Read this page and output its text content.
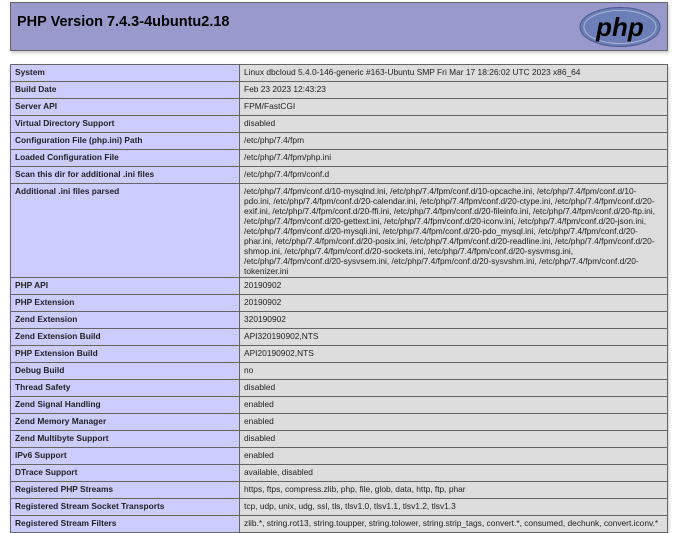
PHP Version 7.4.3-4ubuntu2.18	php
System	Linux dbcloud 5.4.0-146-generic #163-Ubuntu SMP Fri Mar 17 18:26:02 UTC 2023 x86_64
Build Date	Feb 23 2023 12:43:23
Server API	FPM/FastCGI
Virtual Directory Support	disabled
Configuration File (php.ini) Path	/etc/php/7.4/fpm
Loaded Configuration File	/etc/php/7.4/fpm/php.ini
Scan this dir for additional .ini files	/etc/php/7.4/fpm/conf.d
Additional .ini files parsed	/etc/php/7.4/fpm/conf.d/10-mysqlnd.ini, /etc/php/7.4/fpm/conf.d/10-opcache.ini, /etc/php/7.4/fpm/conf.d/10-pdo.ini, /etc/php/7.4/fpm/conf.d/20-calendar.ini, /etc/php/7.4/fpm/conf.d/20-ctype.ini, /etc/php/7.4/fpm/conf.d/20-exif.ini, /etc/php/7.4/fpm/conf.d/20-ffi.ini, /etc/php/7.4/fpm/conf.d/20-fileinfo.ini, /etc/php/7.4/fpm/conf.d/20-ftp.ini, /etc/php/7.4/fpm/conf.d/20-gettext.ini, /etc/php/7.4/fpm/conf.d/20-iconv.ini, /etc/php/7.4/fpm/conf.d/20-json.ini, /etc/php/7.4/fpm/conf.d/20-mysqli.ini, /etc/php/7.4/fpm/conf.d/20-pdo_mysql.ini, /etc/php/7.4/fpm/conf.d/20-phar.ini, /etc/php/7.4/fpm/conf.d/20-posix.ini, /etc/php/7.4/fpm/conf.d/20-readline.ini, /etc/php/7.4/fpm/conf.d/20-shmop.ini, /etc/php/7.4/fpm/conf.d/20-sockets.ini, /etc/php/7.4/fpm/conf.d/20-sysvmsg.ini, /etc/php/7.4/fpm/conf.d/20-sysvsem.ini, /etc/php/7.4/fpm/conf.d/20-sysvshm.ini, /etc/php/7.4/fpm/conf.d/20-tokenizer.ini
PHP API	20190902
PHP Extension	20190902
Zend Extension	320190902
Zend Extension Build	API320190902,NTS
PHP Extension Build	API20190902,NTS
Debug Build	no
Thread Safety	disabled
Zend Signal Handling	enabled
Zend Memory Manager	enabled
Zend Multibyte Support	disabled
IPv6 Support	enabled
DTrace Support	available, disabled
Registered PHP Streams	https, ftps, compress.zlib, php, file, glob, data, http, ftp, phar
Registered Stream Socket Transports	tcp, udp, unix, udg, ssl, tls, tlsv1.0, tlsv1.1, tlsv1.2, tlsv1.3
Registered Stream Filters	zlib.*, string.rot13, string.toupper, string.tolower, string.strip_tags, convert.*, consumed, dechunk, convert.iconv.*
